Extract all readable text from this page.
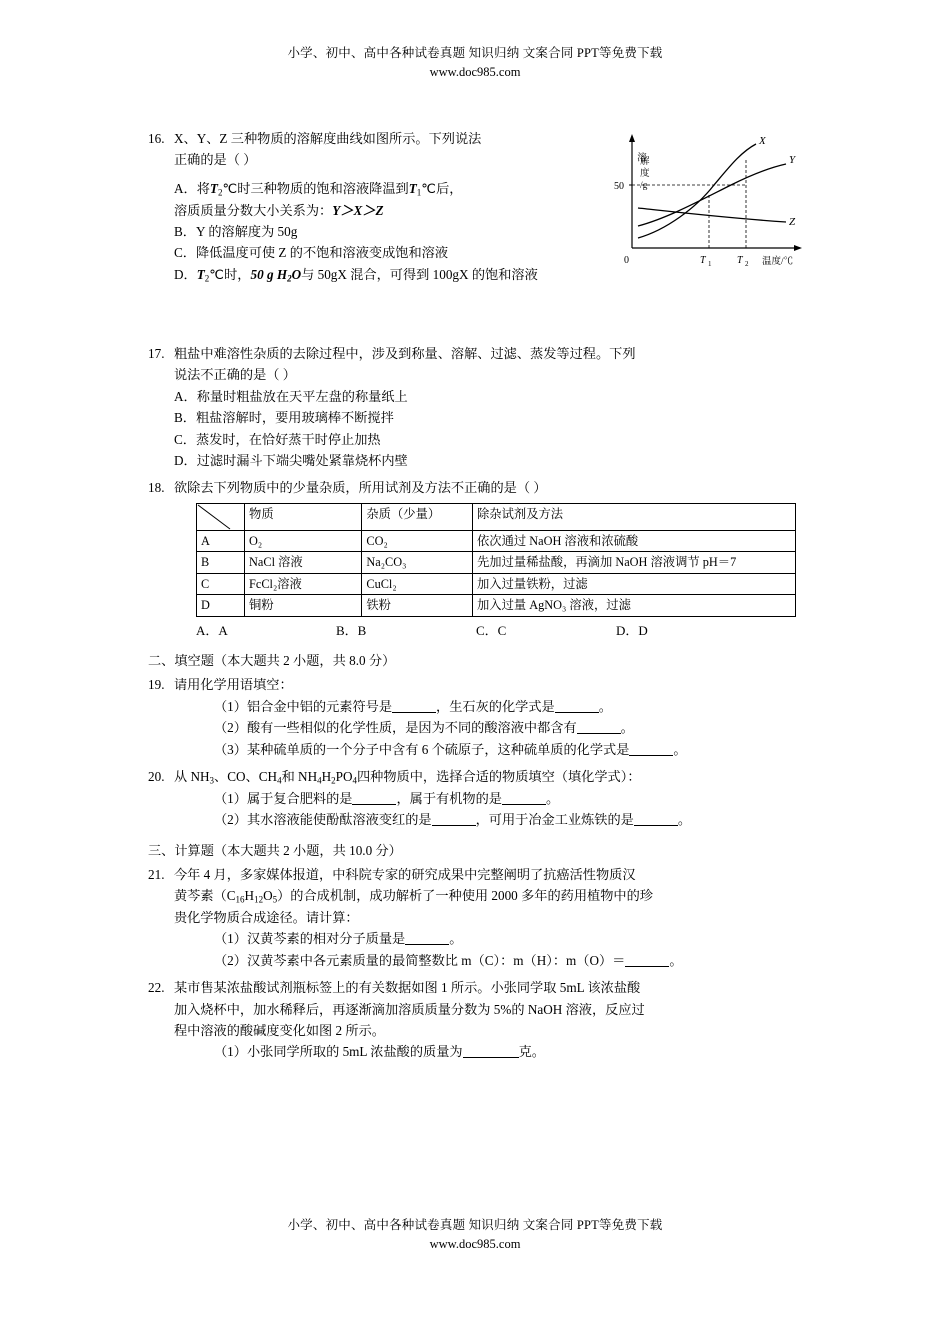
小学、初中、高中各种试卷真题 知识归纳 文案合同 PPT等免费下载
www.doc985.com
16. X、Y、Z 三种物质的溶解度曲线如图所示。下列说法
正确的是（ ）
A．将$T_2℃$时三种物质的饱和溶液降温到$T_1℃$后，
溶质质量分数大小关系为：Y＞X＞Z
B．Y 的溶解度为 50g
C．降低温度可使 Z 的不饱和溶液变成饱和溶液
D．$T_2℃$时，50 g $H_2O$与 50gX 混合，可得到 100gX 的饱和溶液
50
溶
解
度
/g
X
Y
Z
0	T 1	T 2 温度/℃
17. 粗盐中难溶性杂质的去除过程中，涉及到称量、溶解、过滤、蒸发等过程。下列
说法不正确的是（ ）
A．称量时粗盐放在天平左盘的称量纸上
B．粗盐溶解时，要用玻璃棒不断搅拌
C．蒸发时，在恰好蒸干时停止加热
D．过滤时漏斗下端尖嘴处紧靠烧杯内壁
18. 欲除去下列物质中的少量杂质，所用试剂及方法不正确的是（ ）
	物质	杂质（少量）	除杂试剂及方法
A	O₂	CO₂	依次通过 NaOH 溶液和浓硫酸
B	NaCl 溶液	Na₂CO₃	先加过量稀盐酸，再滴加 NaOH 溶液调节 pH＝7
C	FcCl₂溶液	CuCl₂	加入过量铁粉，过滤
D	铜粉	铁粉	加入过量 AgNO₃ 溶液，过滤
A．A	B．B	C．C	D．D
二、填空题（本大题共 2 小题，共 8.0 分）
19. 请用化学用语填空：
（1）铝合金中铝的元素符号是	，生石灰的化学式是	。
（2）酸有一些相似的化学性质，是因为不同的酸溶液中都含有	。
（3）某种硫单质的一个分子中含有 6 个硫原子，这种硫单质的化学式是	。
20. 从 $NH_3$、CO、$CH_4$和 $NH_4H_2PO_4$四种物质中，选择合适的物质填空（填化学式）：
（1）属于复合肥料的是	，属于有机物的是	。
（2）其水溶液能使酚酞溶液变红的是	，可用于冶金工业炼铁的是	。
三、计算题（本大题共 2 小题，共 10.0 分）
21. 今年 4 月，多家媒体报道，中科院专家的研究成果中完整阐明了抗癌活性物质汉
黄芩素$(C_{16}H_{12}O_5)$的合成机制，成功解析了一种使用 2000 多年的药用植物中的珍
贵化学物质合成途径。请计算：
（1）汉黄芩素的相对分子质量是	。
（2）汉黄芩素中各元素质量的最简整数比 m（C）：m（H）：m（O）＝	。
22. 某市售某浓盐酸试剂瓶标签上的有关数据如图 1 所示。小张同学取 5mL 该浓盐酸
加入烧杯中，加水稀释后，再逐渐滴加溶质质量分数为 5%的 NaOH 溶液，反应过
程中溶液的酸碱度变化如图 2 所示。
（1）小张同学所取的 5mL 浓盐酸的质量为	克。
小学、初中、高中各种试卷真题 知识归纳 文案合同 PPT等免费下载
www.doc985.com
